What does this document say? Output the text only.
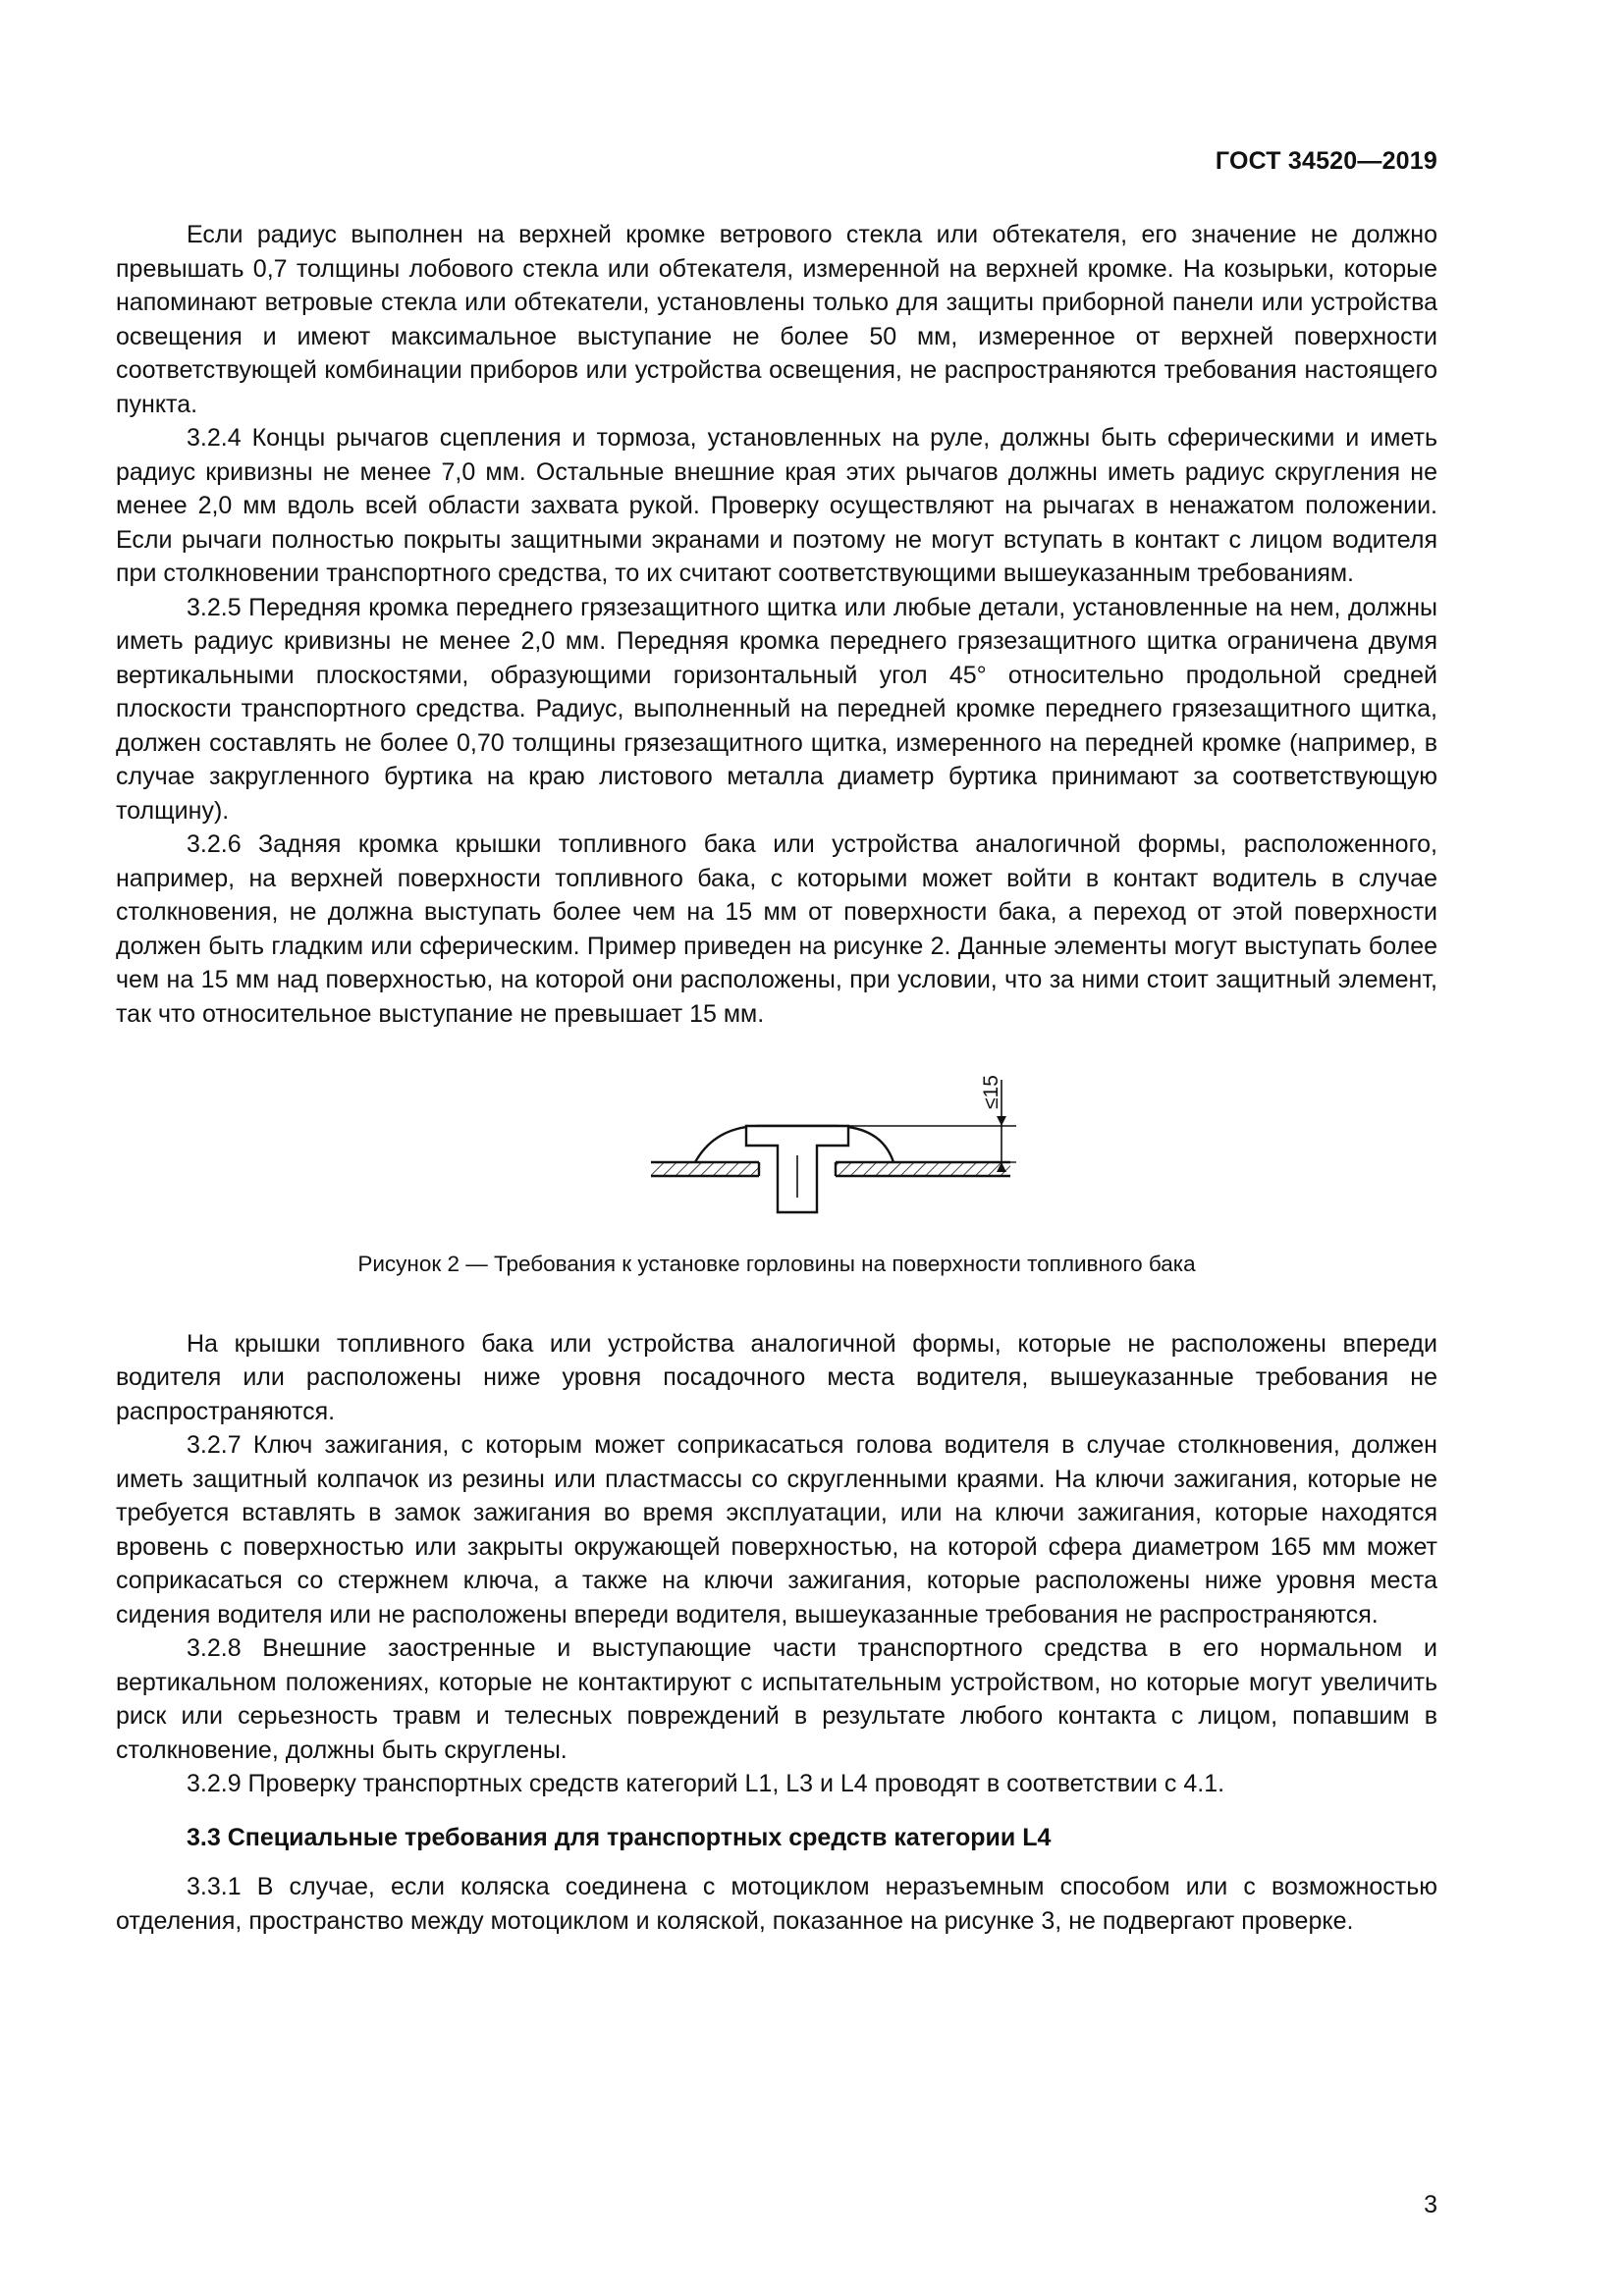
ГОСТ 34520—2019

Если радиус выполнен на верхней кромке ветрового стекла или обтекателя, его значение не должно превышать 0,7 толщины лобового стекла или обтекателя, измеренной на верхней кромке. На козырьки, которые напоминают ветровые стекла или обтекатели, установлены только для защиты приборной панели или устройства освещения и имеют максимальное выступание не более 50 мм, измеренное от верхней поверхности соответствующей комбинации приборов или устройства освещения, не распространяются требования настоящего пункта.

3.2.4 Концы рычагов сцепления и тормоза, установленных на руле, должны быть сферическими и иметь радиус кривизны не менее 7,0 мм. Остальные внешние края этих рычагов должны иметь радиус скругления не менее 2,0 мм вдоль всей области захвата рукой. Проверку осуществляют на рычагах в ненажатом положении. Если рычаги полностью покрыты защитными экранами и поэтому не могут вступать в контакт с лицом водителя при столкновении транспортного средства, то их считают соответствующими вышеуказанным требованиям.

3.2.5 Передняя кромка переднего грязезащитного щитка или любые детали, установленные на нем, должны иметь радиус кривизны не менее 2,0 мм. Передняя кромка переднего грязезащитного щитка ограничена двумя вертикальными плоскостями, образующими горизонтальный угол 45° относительно продольной средней плоскости транспортного средства. Радиус, выполненный на передней кромке переднего грязезащитного щитка, должен составлять не более 0,70 толщины грязезащитного щитка, измеренного на передней кромке (например, в случае закругленного буртика на краю листового металла диаметр буртика принимают за соответствующую толщину).

3.2.6 Задняя кромка крышки топливного бака или устройства аналогичной формы, расположенного, например, на верхней поверхности топливного бака, с которыми может войти в контакт водитель в случае столкновения, не должна выступать более чем на 15 мм от поверхности бака, а переход от этой поверхности должен быть гладким или сферическим. Пример приведен на рисунке 2. Данные элементы могут выступать более чем на 15 мм над поверхностью, на которой они расположены, при условии, что за ними стоит защитный элемент, так что относительное выступание не превышает 15 мм.

≤15
Рисунок 2 — Требования к установке горловины на поверхности топливного бака

На крышки топливного бака или устройства аналогичной формы, которые не расположены впереди водителя или расположены ниже уровня посадочного места водителя, вышеуказанные требования не распространяются.

3.2.7 Ключ зажигания, с которым может соприкасаться голова водителя в случае столкновения, должен иметь защитный колпачок из резины или пластмассы со скругленными краями. На ключи зажигания, которые не требуется вставлять в замок зажигания во время эксплуатации, или на ключи зажигания, которые находятся вровень с поверхностью или закрыты окружающей поверхностью, на которой сфера диаметром 165 мм может соприкасаться со стержнем ключа, а также на ключи зажигания, которые расположены ниже уровня места сидения водителя или не расположены впереди водителя, вышеуказанные требования не распространяются.

3.2.8 Внешние заостренные и выступающие части транспортного средства в его нормальном и вертикальном положениях, которые не контактируют с испытательным устройством, но которые могут увеличить риск или серьезность травм и телесных повреждений в результате любого контакта с лицом, попавшим в столкновение, должны быть скруглены.

3.2.9 Проверку транспортных средств категорий L1, L3 и L4 проводят в соответствии с 4.1.

3.3 Специальные требования для транспортных средств категории L4

3.3.1 В случае, если коляска соединена с мотоциклом неразъемным способом или с возможностью отделения, пространство между мотоциклом и коляской, показанное на рисунке 3, не подвергают проверке.

3
